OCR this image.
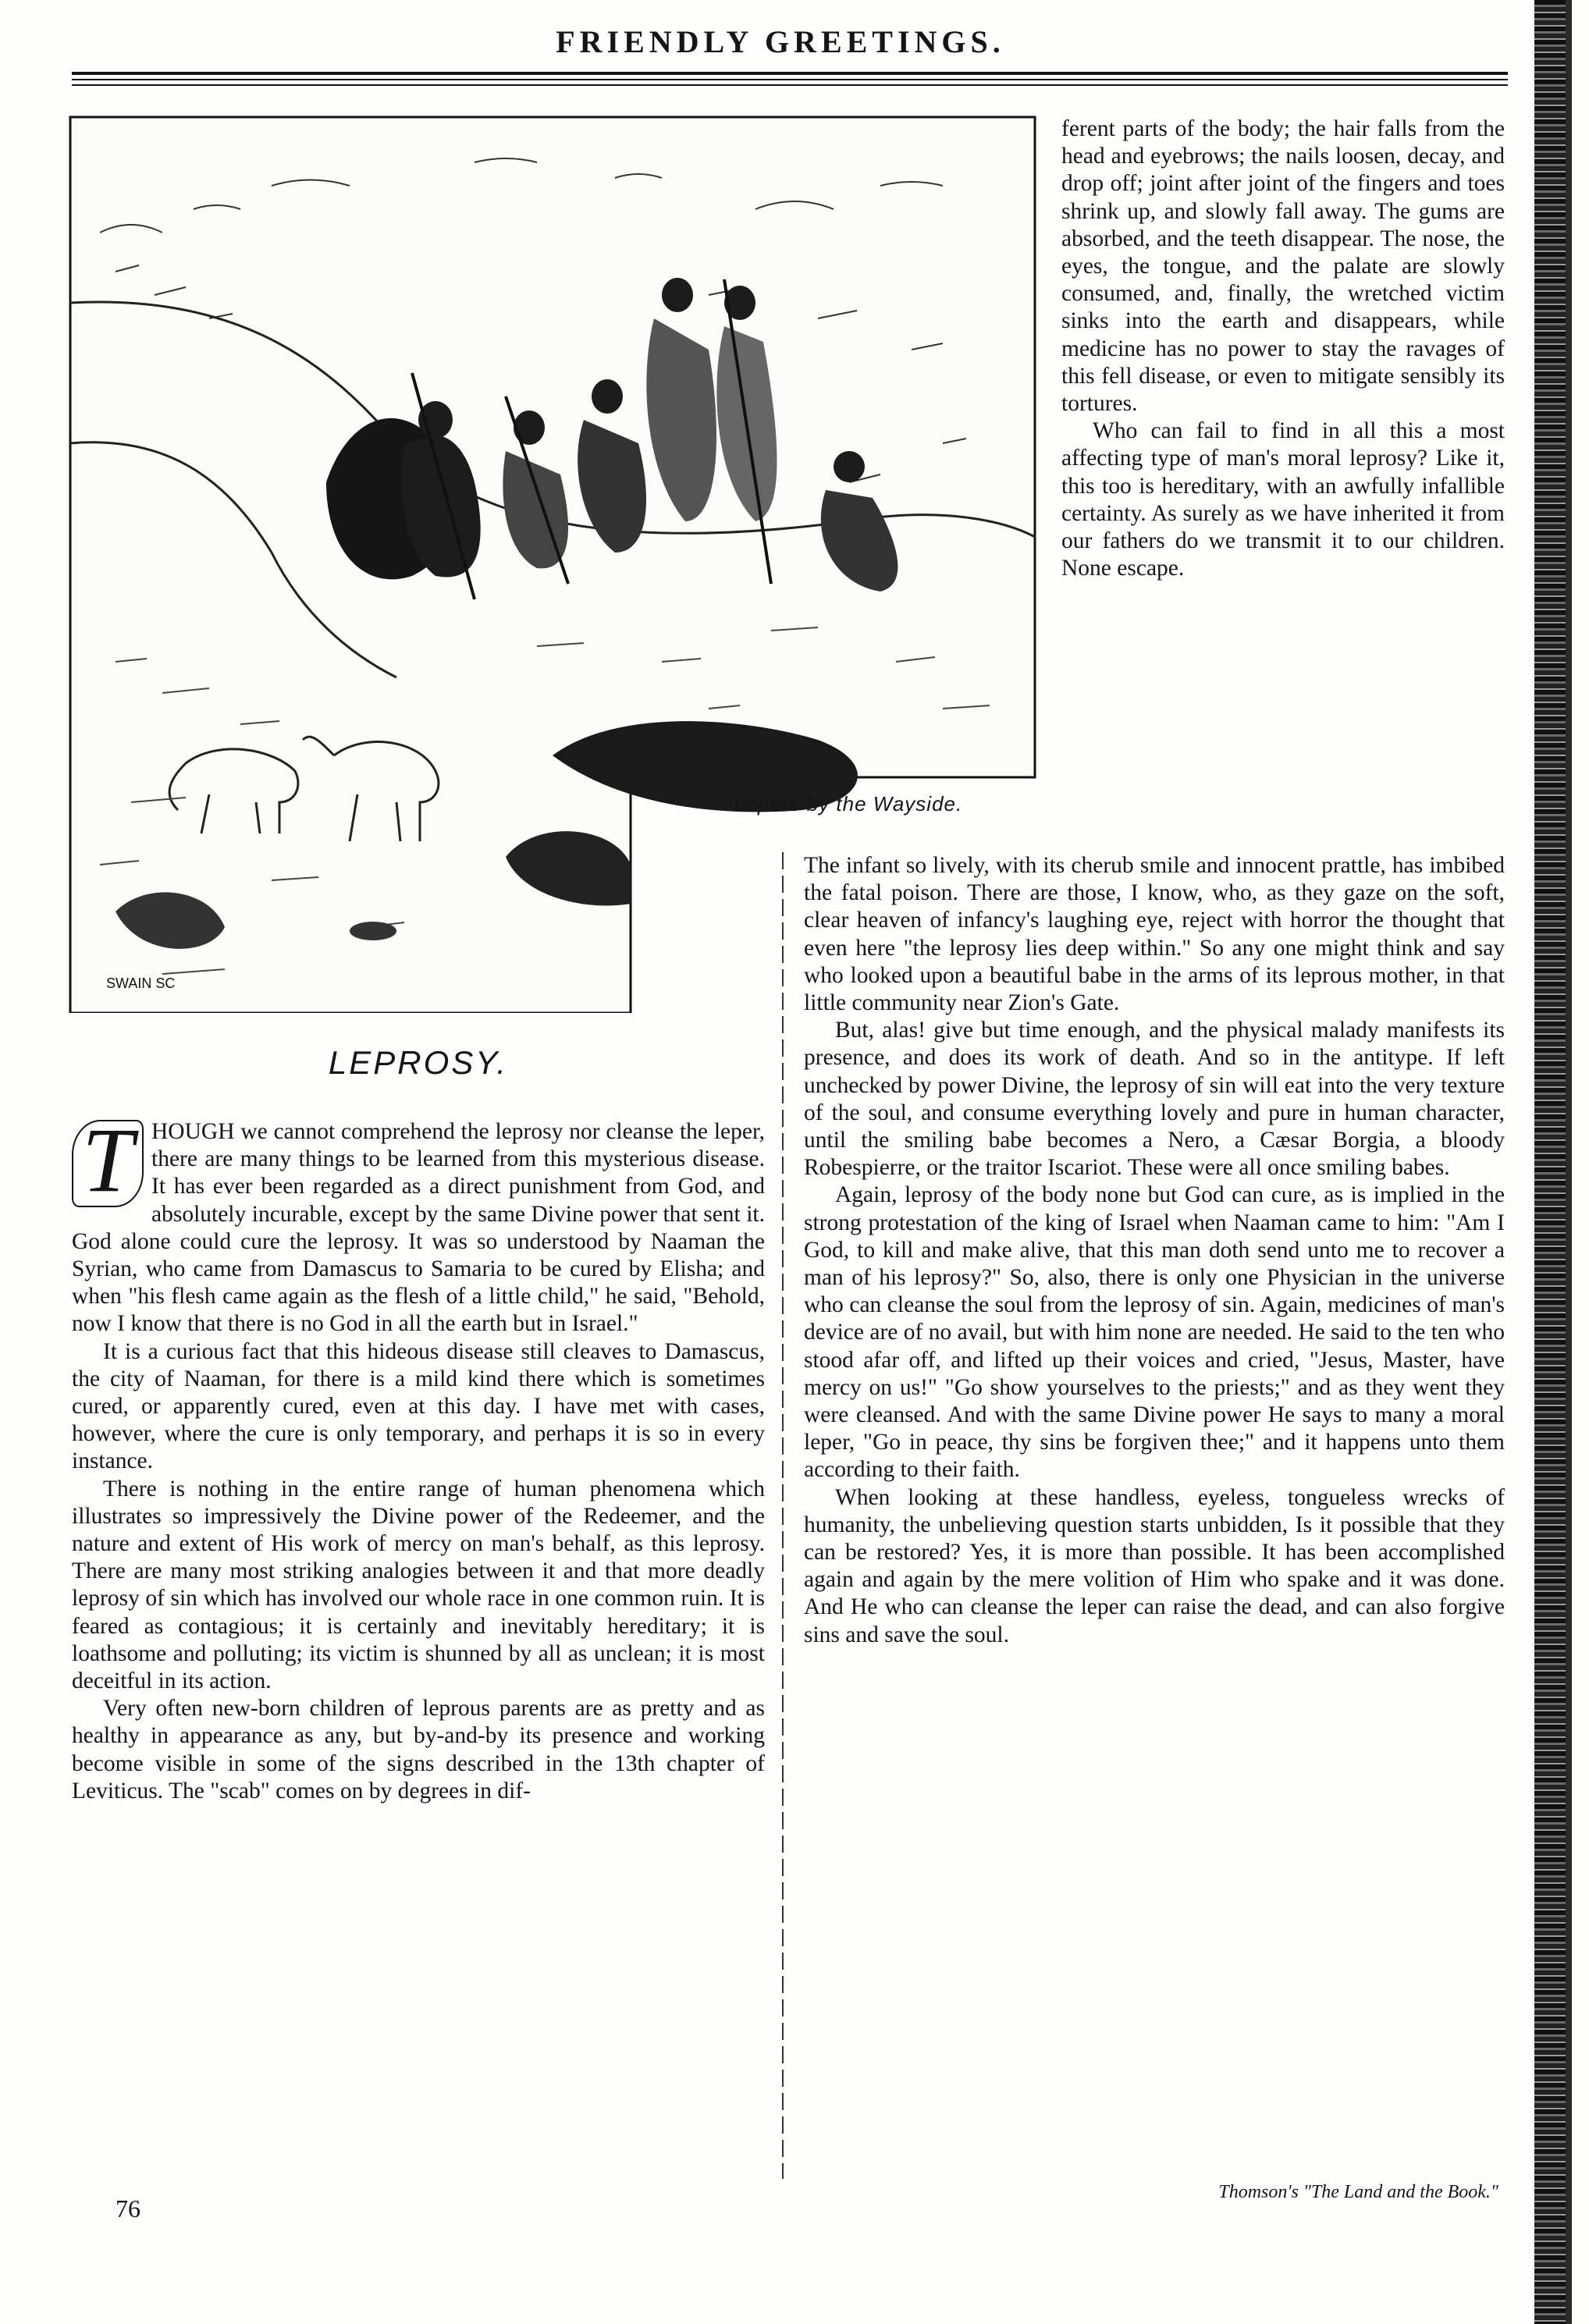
FRIENDLY GREETINGS.
SWAIN SC
Lepers by the Wayside.

ferent parts of the body; the hair falls from the head and eyebrows; the nails loosen, decay, and drop off; joint after joint of the fingers and toes shrink up, and slowly fall away. The gums are absorbed, and the teeth disappear. The nose, the eyes, the tongue, and the palate are slowly consumed, and, finally, the wretched victim sinks into the earth and disappears, while medicine has no power to stay the ravages of this fell disease, or even to mitigate sensibly its tortures.

Who can fail to find in all this a most affecting type of man's moral leprosy? Like it, this too is hereditary, with an awfully infallible certainty. As surely as we have inherited it from our fathers do we transmit it to our children. None escape.

The infant so lively, with its cherub smile and innocent prattle, has imbibed the fatal poison. There are those, I know, who, as they gaze on the soft, clear heaven of infancy's laughing eye, reject with horror the thought that even here "the leprosy lies deep within." So any one might think and say who looked upon a beautiful babe in the arms of its leprous mother, in that little community near Zion's Gate.

But, alas! give but time enough, and the physical malady manifests its presence, and does its work of death. And so in the antitype. If left unchecked by power Divine, the leprosy of sin will eat into the very texture of the soul, and consume everything lovely and pure in human character, until the smiling babe becomes a Nero, a Cæsar Borgia, a bloody Robespierre, or the traitor Iscariot. These were all once smiling babes.

Again, leprosy of the body none but God can cure, as is implied in the strong protestation of the king of Israel when Naaman came to him: "Am I God, to kill and make alive, that this man doth send unto me to recover a man of his leprosy?" So, also, there is only one Physician in the universe who can cleanse the soul from the leprosy of sin. Again, medicines of man's device are of no avail, but with him none are needed. He said to the ten who stood afar off, and lifted up their voices and cried, "Jesus, Master, have mercy on us!" "Go show yourselves to the priests;" and as they went they were cleansed. And with the same Divine power He says to many a moral leper, "Go in peace, thy sins be forgiven thee;" and it happens unto them according to their faith.

When looking at these handless, eyeless, tongueless wrecks of humanity, the unbelieving question starts unbidden, Is it possible that they can be restored? Yes, it is more than possible. It has been accomplished again and again by the mere volition of Him who spake and it was done. And He who can cleanse the leper can raise the dead, and can also forgive sins and save the soul.

LEPROSY.
T HOUGH we cannot comprehend the leprosy nor cleanse the leper, there are many things to be learned from this mysterious disease. It has ever been regarded as a direct punishment from God, and absolutely incurable, except by the same Divine power that sent it. God alone could cure the leprosy. It was so understood by Naaman the Syrian, who came from Damascus to Samaria to be cured by Elisha; and when "his flesh came again as the flesh of a little child," he said, "Behold, now I know that there is no God in all the earth but in Israel."

It is a curious fact that this hideous disease still cleaves to Damascus, the city of Naaman, for there is a mild kind there which is sometimes cured, or apparently cured, even at this day. I have met with cases, however, where the cure is only temporary, and perhaps it is so in every instance.

There is nothing in the entire range of human phenomena which illustrates so impressively the Divine power of the Redeemer, and the nature and extent of His work of mercy on man's behalf, as this leprosy. There are many most striking analogies between it and that more deadly leprosy of sin which has involved our whole race in one common ruin. It is feared as contagious; it is certainly and inevitably hereditary; it is loathsome and polluting; its victim is shunned by all as unclean; it is most deceitful in its action.

Very often new-born children of leprous parents are as pretty and as healthy in appearance as any, but by-and-by its presence and working become visible in some of the signs described in the 13th chapter of Leviticus. The "scab" comes on by degrees in dif-

Thomson's "The Land and the Book."
76
